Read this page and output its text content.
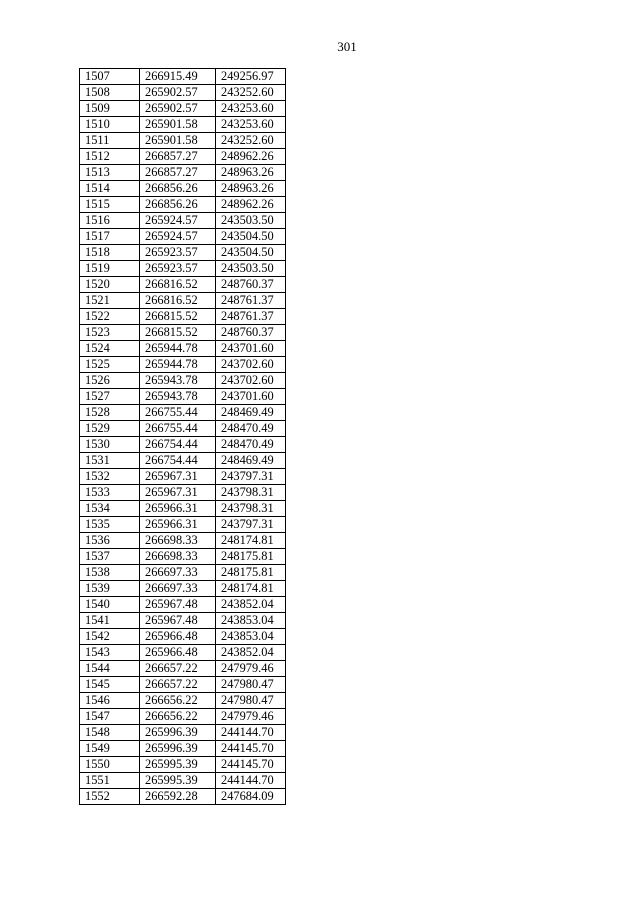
301
1507	266915.49	249256.97
1508	265902.57	243252.60
1509	265902.57	243253.60
1510	265901.58	243253.60
1511	265901.58	243252.60
1512	266857.27	248962.26
1513	266857.27	248963.26
1514	266856.26	248963.26
1515	266856.26	248962.26
1516	265924.57	243503.50
1517	265924.57	243504.50
1518	265923.57	243504.50
1519	265923.57	243503.50
1520	266816.52	248760.37
1521	266816.52	248761.37
1522	266815.52	248761.37
1523	266815.52	248760.37
1524	265944.78	243701.60
1525	265944.78	243702.60
1526	265943.78	243702.60
1527	265943.78	243701.60
1528	266755.44	248469.49
1529	266755.44	248470.49
1530	266754.44	248470.49
1531	266754.44	248469.49
1532	265967.31	243797.31
1533	265967.31	243798.31
1534	265966.31	243798.31
1535	265966.31	243797.31
1536	266698.33	248174.81
1537	266698.33	248175.81
1538	266697.33	248175.81
1539	266697.33	248174.81
1540	265967.48	243852.04
1541	265967.48	243853.04
1542	265966.48	243853.04
1543	265966.48	243852.04
1544	266657.22	247979.46
1545	266657.22	247980.47
1546	266656.22	247980.47
1547	266656.22	247979.46
1548	265996.39	244144.70
1549	265996.39	244145.70
1550	265995.39	244145.70
1551	265995.39	244144.70
1552	266592.28	247684.09
